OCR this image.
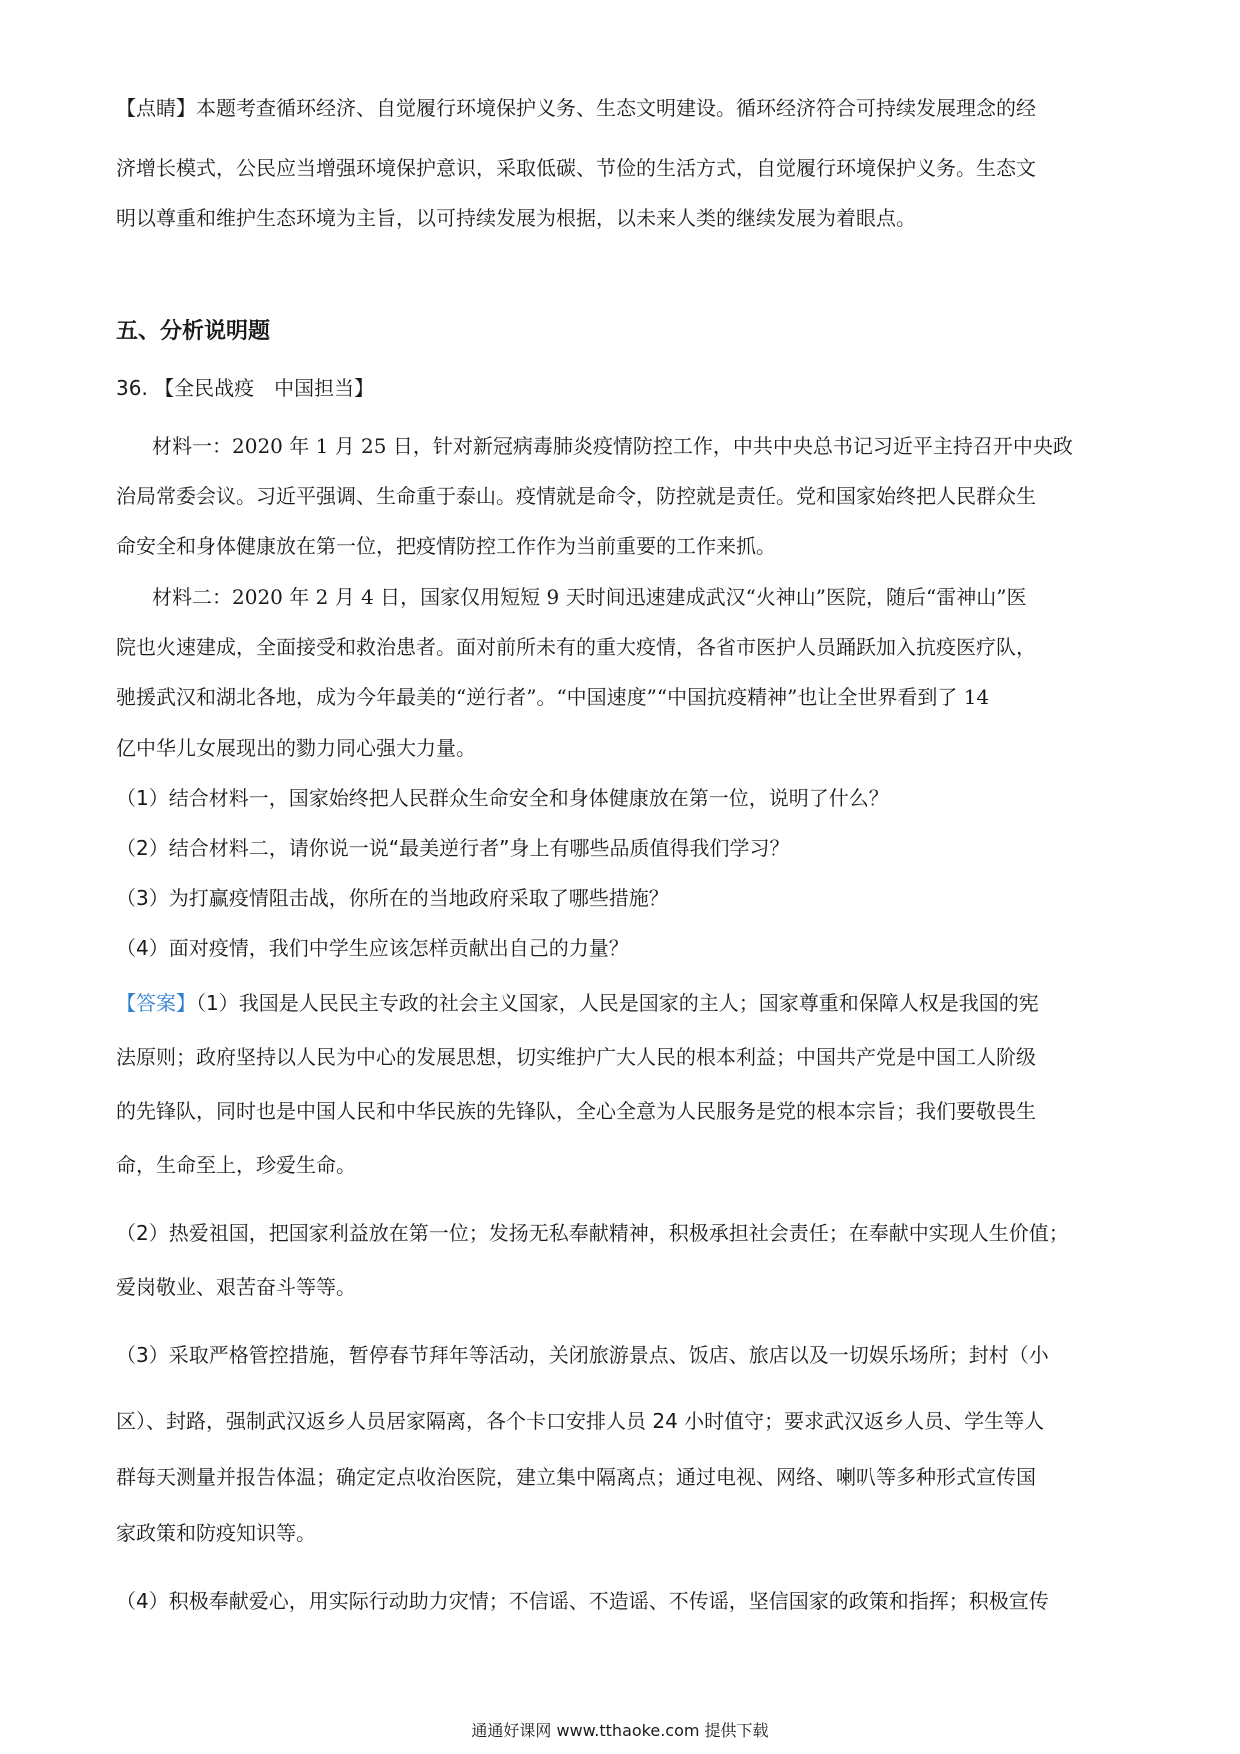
【点睛】本题考查循环经济、自觉履行环境保护义务、生态文明建设。循环经济符合可持续发展理念的经

济增长模式，公民应当增强环境保护意识，采取低碳、节俭的生活方式，自觉履行环境保护义务。生态文

明以尊重和维护生态环境为主旨，以可持续发展为根据，以未来人类的继续发展为着眼点。

五、分析说明题

36. 【全民战疫　中国担当】

材料一：2020 年 1 月 25 日，针对新冠病毒肺炎疫情防控工作，中共中央总书记习近平主持召开中央政

治局常委会议。习近平强调、生命重于泰山。疫情就是命令，防控就是责任。党和国家始终把人民群众生

命安全和身体健康放在第一位，把疫情防控工作作为当前重要的工作来抓。

材料二：2020 年 2 月 4 日，国家仅用短短 9 天时间迅速建成武汉“火神山”医院，随后“雷神山”医

院也火速建成，全面接受和救治患者。面对前所未有的重大疫情，各省市医护人员踊跃加入抗疫医疗队，

驰援武汉和湖北各地，成为今年最美的“逆行者”。“中国速度”“中国抗疫精神”也让全世界看到了 14

亿中华儿女展现出的勠力同心强大力量。

（1）结合材料一，国家始终把人民群众生命安全和身体健康放在第一位，说明了什么？

（2）结合材料二，请你说一说“最美逆行者”身上有哪些品质值得我们学习？

（3）为打赢疫情阻击战，你所在的当地政府采取了哪些措施？

（4）面对疫情，我们中学生应该怎样贡献出自己的力量？

【答案】（1）我国是人民民主专政的社会主义国家，人民是国家的主人；国家尊重和保障人权是我国的宪

法原则；政府坚持以人民为中心的发展思想，切实维护广大人民的根本利益；中国共产党是中国工人阶级

的先锋队，同时也是中国人民和中华民族的先锋队，全心全意为人民服务是党的根本宗旨；我们要敬畏生

命，生命至上，珍爱生命。

（2）热爱祖国，把国家利益放在第一位；发扬无私奉献精神，积极承担社会责任；在奉献中实现人生价值；

爱岗敬业、艰苦奋斗等等。

（3）采取严格管控措施，暂停春节拜年等活动，关闭旅游景点、饭店、旅店以及一切娱乐场所；封村（小

区）、封路，强制武汉返乡人员居家隔离，各个卡口安排人员 24 小时值守；要求武汉返乡人员、学生等人

群每天测量并报告体温；确定定点收治医院，建立集中隔离点；通过电视、网络、喇叭等多种形式宣传国

家政策和防疫知识等。

（4）积极奉献爱心，用实际行动助力灾情；不信谣、不造谣、不传谣，坚信国家的政策和指挥；积极宣传

通通好课网 www.tthaoke.com 提供下载
